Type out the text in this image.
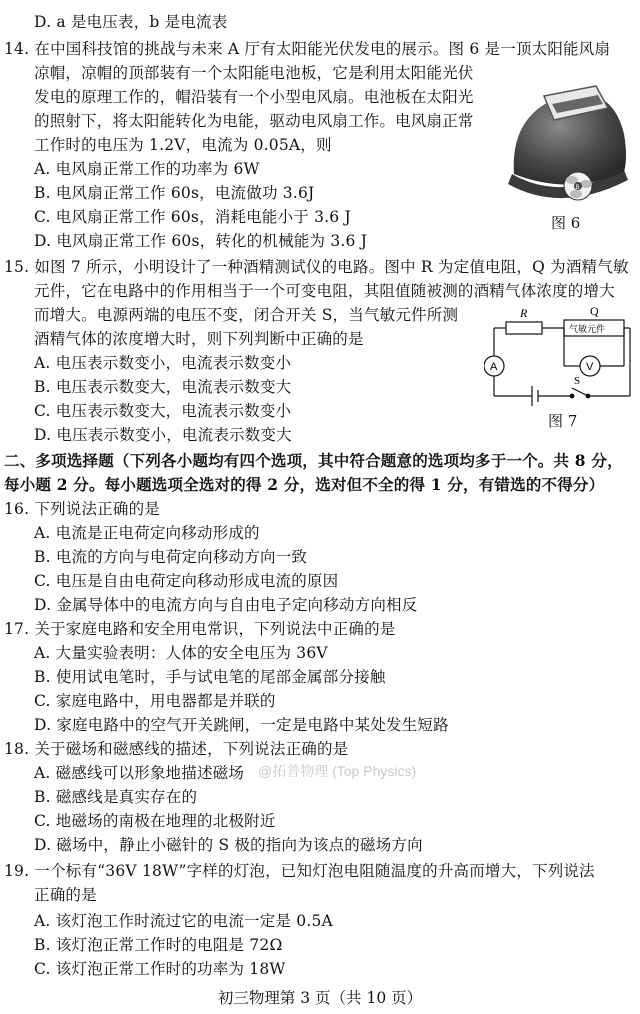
D. a 是电压表，b 是电流表
14. 在中国科技馆的挑战与未来 A 厅有太阳能光伏发电的展示。图 6 是一顶太阳能风扇
凉帽，凉帽的顶部装有一个太阳能电池板，它是利用太阳能光伏
发电的原理工作的，帽沿装有一个小型电风扇。电池板在太阳光
的照射下，将太阳能转化为电能，驱动电风扇工作。电风扇正常
工作时的电压为 1.2V，电流为 0.05A，则
A. 电风扇正常工作的功率为 6W
B. 电风扇正常工作 60s，电流做功 3.6J
C. 电风扇正常工作 60s，消耗电能小于 3.6 J
D. 电风扇正常工作 60s，转化的机械能为 3.6 J
15. 如图 7 所示，小明设计了一种酒精测试仪的电路。图中 R 为定值电阻，Q 为酒精气敏
元件，它在电路中的作用相当于一个可变电阻，其阻值随被测的酒精气体浓度的增大
而增大。电源两端的电压不变，闭合开关 S，当气敏元件所测
酒精气体的浓度增大时，则下列判断中正确的是
A. 电压表示数变小，电流表示数变小
B. 电压表示数变大，电流表示数变大
C. 电压表示数变大，电流表示数变小
D. 电压表示数变小，电流表示数变大
二、多项选择题（下列各小题均有四个选项，其中符合题意的选项均多于一个。共 8 分，
每小题 2 分。每小题选项全选对的得 2 分，选对但不全的得 1 分，有错选的不得分）
16. 下列说法正确的是
A. 电流是正电荷定向移动形成的
B. 电流的方向与电荷定向移动方向一致
C. 电压是自由电荷定向移动形成电流的原因
D. 金属导体中的电流方向与自由电子定向移动方向相反
17. 关于家庭电路和安全用电常识，下列说法中正确的是
A. 大量实验表明：人体的安全电压为 36V
B. 使用试电笔时，手与试电笔的尾部金属部分接触
C. 家庭电路中，用电器都是并联的
D. 家庭电路中的空气开关跳闸，一定是电路中某处发生短路
18. 关于磁场和磁感线的描述，下列说法正确的是
A. 磁感线可以形象地描述磁场
B. 磁感线是真实存在的
C. 地磁场的南极在地理的北极附近
D. 磁场中，静止小磁针的 S 极的指向为该点的磁场方向
19. 一个标有“36V 18W”字样的灯泡，已知灯泡电阻随温度的升高而增大，下列说法
正确的是
A. 该灯泡工作时流过它的电流一定是 0.5A
B. 该灯泡正常工作时的电阻是 72Ω
C. 该灯泡正常工作时的功率为 18W
B
图 6
R	Q
气敏元件
A	V
S
图 7
@拓普物理 (Top Physics)
初三物理第 3 页（共 10 页）
